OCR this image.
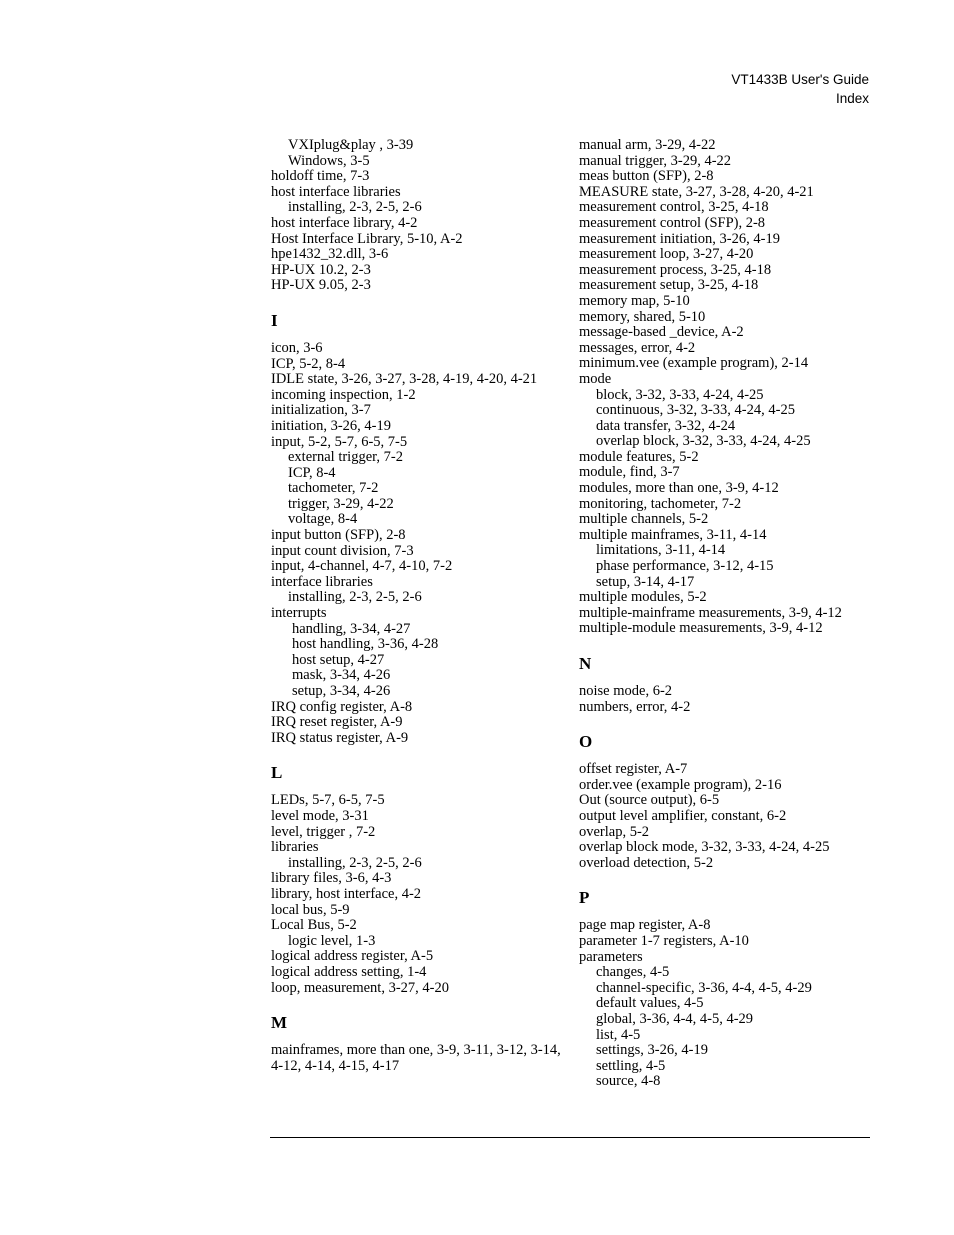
VT1433B User's Guide
Index
VXIplug&play , 3-39
Windows, 3-5
holdoff time, 7-3
host interface libraries
installing, 2-3, 2-5, 2-6
host interface library, 4-2
Host Interface Library, 5-10, A-2
hpe1432_32.dll, 3-6
HP-UX 10.2, 2-3
HP-UX 9.05, 2-3
I
icon, 3-6
ICP, 5-2, 8-4
IDLE state, 3-26, 3-27, 3-28, 4-19, 4-20, 4-21
incoming inspection, 1-2
initialization, 3-7
initiation, 3-26, 4-19
input, 5-2, 5-7, 6-5, 7-5
external trigger, 7-2
ICP, 8-4
tachometer, 7-2
trigger, 3-29, 4-22
voltage, 8-4
input button (SFP), 2-8
input count division, 7-3
input, 4-channel, 4-7, 4-10, 7-2
interface libraries
installing, 2-3, 2-5, 2-6
interrupts
handling, 3-34, 4-27
host handling, 3-36, 4-28
host setup, 4-27
mask, 3-34, 4-26
setup, 3-34, 4-26
IRQ config register, A-8
IRQ reset register, A-9
IRQ status register, A-9
L
LEDs, 5-7, 6-5, 7-5
level mode, 3-31
level, trigger , 7-2
libraries
installing, 2-3, 2-5, 2-6
library files, 3-6, 4-3
library, host interface, 4-2
local bus, 5-9
Local Bus, 5-2
logic level, 1-3
logical address register, A-5
logical address setting, 1-4
loop, measurement, 3-27, 4-20
M
mainframes, more than one, 3-9, 3-11, 3-12, 3-14, 4-12, 4-14, 4-15, 4-17
manual arm, 3-29, 4-22
manual trigger, 3-29, 4-22
meas button (SFP), 2-8
MEASURE state, 3-27, 3-28, 4-20, 4-21
measurement control, 3-25, 4-18
measurement control (SFP), 2-8
measurement initiation, 3-26, 4-19
measurement loop, 3-27, 4-20
measurement process, 3-25, 4-18
measurement setup, 3-25, 4-18
memory map, 5-10
memory, shared, 5-10
message-based _device, A-2
messages, error, 4-2
minimum.vee (example program), 2-14
mode
block, 3-32, 3-33, 4-24, 4-25
continuous, 3-32, 3-33, 4-24, 4-25
data transfer, 3-32, 4-24
overlap block, 3-32, 3-33, 4-24, 4-25
module features, 5-2
module, find, 3-7
modules, more than one, 3-9, 4-12
monitoring, tachometer, 7-2
multiple channels, 5-2
multiple mainframes, 3-11, 4-14
limitations, 3-11, 4-14
phase performance, 3-12, 4-15
setup, 3-14, 4-17
multiple modules, 5-2
multiple-mainframe measurements, 3-9, 4-12
multiple-module measurements, 3-9, 4-12
N
noise mode, 6-2
numbers, error, 4-2
O
offset register, A-7
order.vee (example program), 2-16
Out (source output), 6-5
output level amplifier, constant, 6-2
overlap, 5-2
overlap block mode, 3-32, 3-33, 4-24, 4-25
overload detection, 5-2
P
page map register, A-8
parameter 1-7 registers, A-10
parameters
changes, 4-5
channel-specific, 3-36, 4-4, 4-5, 4-29
default values, 4-5
global, 3-36, 4-4, 4-5, 4-29
list, 4-5
settings, 3-26, 4-19
settling, 4-5
source, 4-8
